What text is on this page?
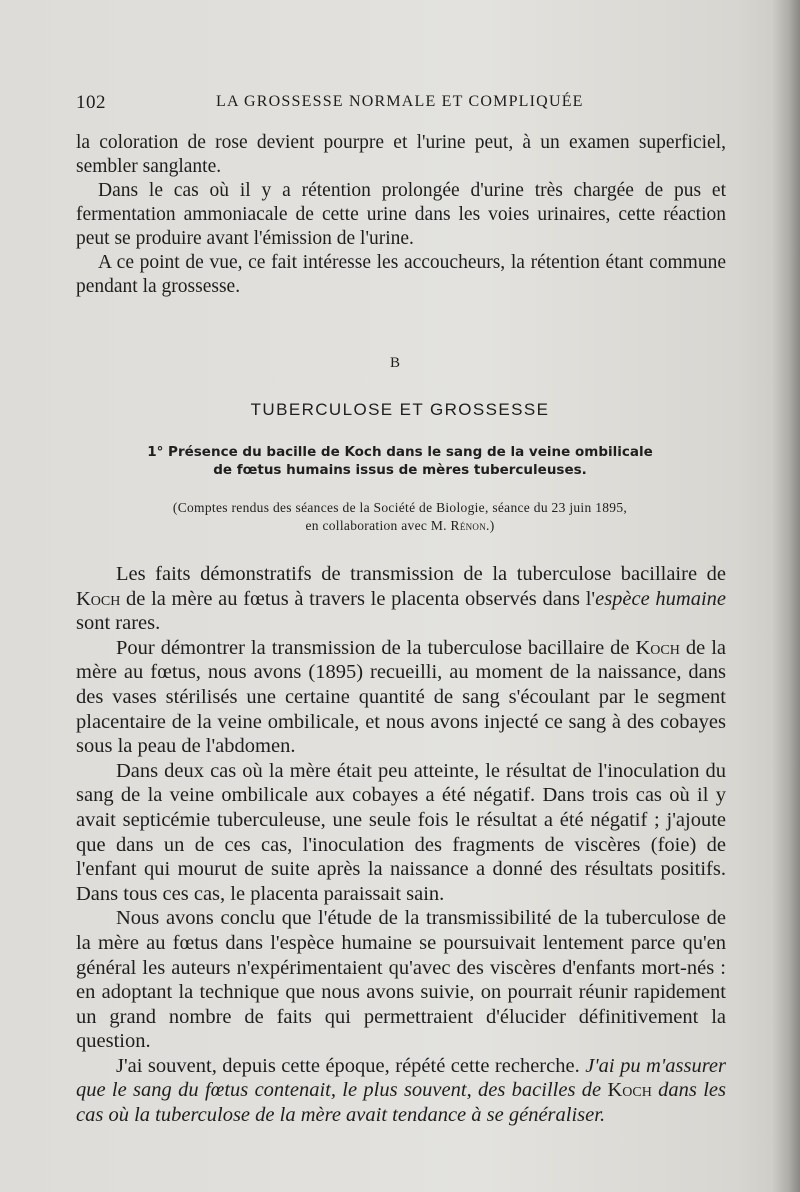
102	LA GROSSESSE NORMALE ET COMPLIQUÉE

la coloration de rose devient pourpre et l'urine peut, à un examen superficiel, sembler sanglante.

Dans le cas où il y a rétention prolongée d'urine très chargée de pus et fermentation ammoniacale de cette urine dans les voies urinaires, cette réaction peut se produire avant l'émission de l'urine.

A ce point de vue, ce fait intéresse les accoucheurs, la rétention étant commune pendant la grossesse.

B
TUBERCULOSE ET GROSSESSE
1° Présence du bacille de Koch dans le sang de la veine ombilicale
de fœtus humains issus de mères tuberculeuses.
(Comptes rendus des séances de la Société de Biologie, séance du 23 juin 1895,
en collaboration avec M. Rénon.)

Les faits démonstratifs de transmission de la tuberculose bacillaire de Koch de la mère au fœtus à travers le placenta observés dans l'espèce humaine sont rares.

Pour démontrer la transmission de la tuberculose bacillaire de Koch de la mère au fœtus, nous avons (1895) recueilli, au moment de la naissance, dans des vases stérilisés une certaine quantité de sang s'écoulant par le segment placentaire de la veine ombilicale, et nous avons injecté ce sang à des cobayes sous la peau de l'abdomen.

Dans deux cas où la mère était peu atteinte, le résultat de l'inoculation du sang de la veine ombilicale aux cobayes a été négatif. Dans trois cas où il y avait septicémie tuberculeuse, une seule fois le résultat a été négatif ; j'ajoute que dans un de ces cas, l'inoculation des fragments de viscères (foie) de l'enfant qui mourut de suite après la naissance a donné des résultats positifs. Dans tous ces cas, le placenta paraissait sain.

Nous avons conclu que l'étude de la transmissibilité de la tuberculose de la mère au fœtus dans l'espèce humaine se poursuivait lentement parce qu'en général les auteurs n'expérimentaient qu'avec des viscères d'enfants mort-nés : en adoptant la technique que nous avons suivie, on pourrait réunir rapidement un grand nombre de faits qui permettraient d'élucider définitivement la question.

J'ai souvent, depuis cette époque, répété cette recherche. J'ai pu m'assurer que le sang du fœtus contenait, le plus souvent, des bacilles de Koch dans les cas où la tuberculose de la mère avait tendance à se généraliser.
